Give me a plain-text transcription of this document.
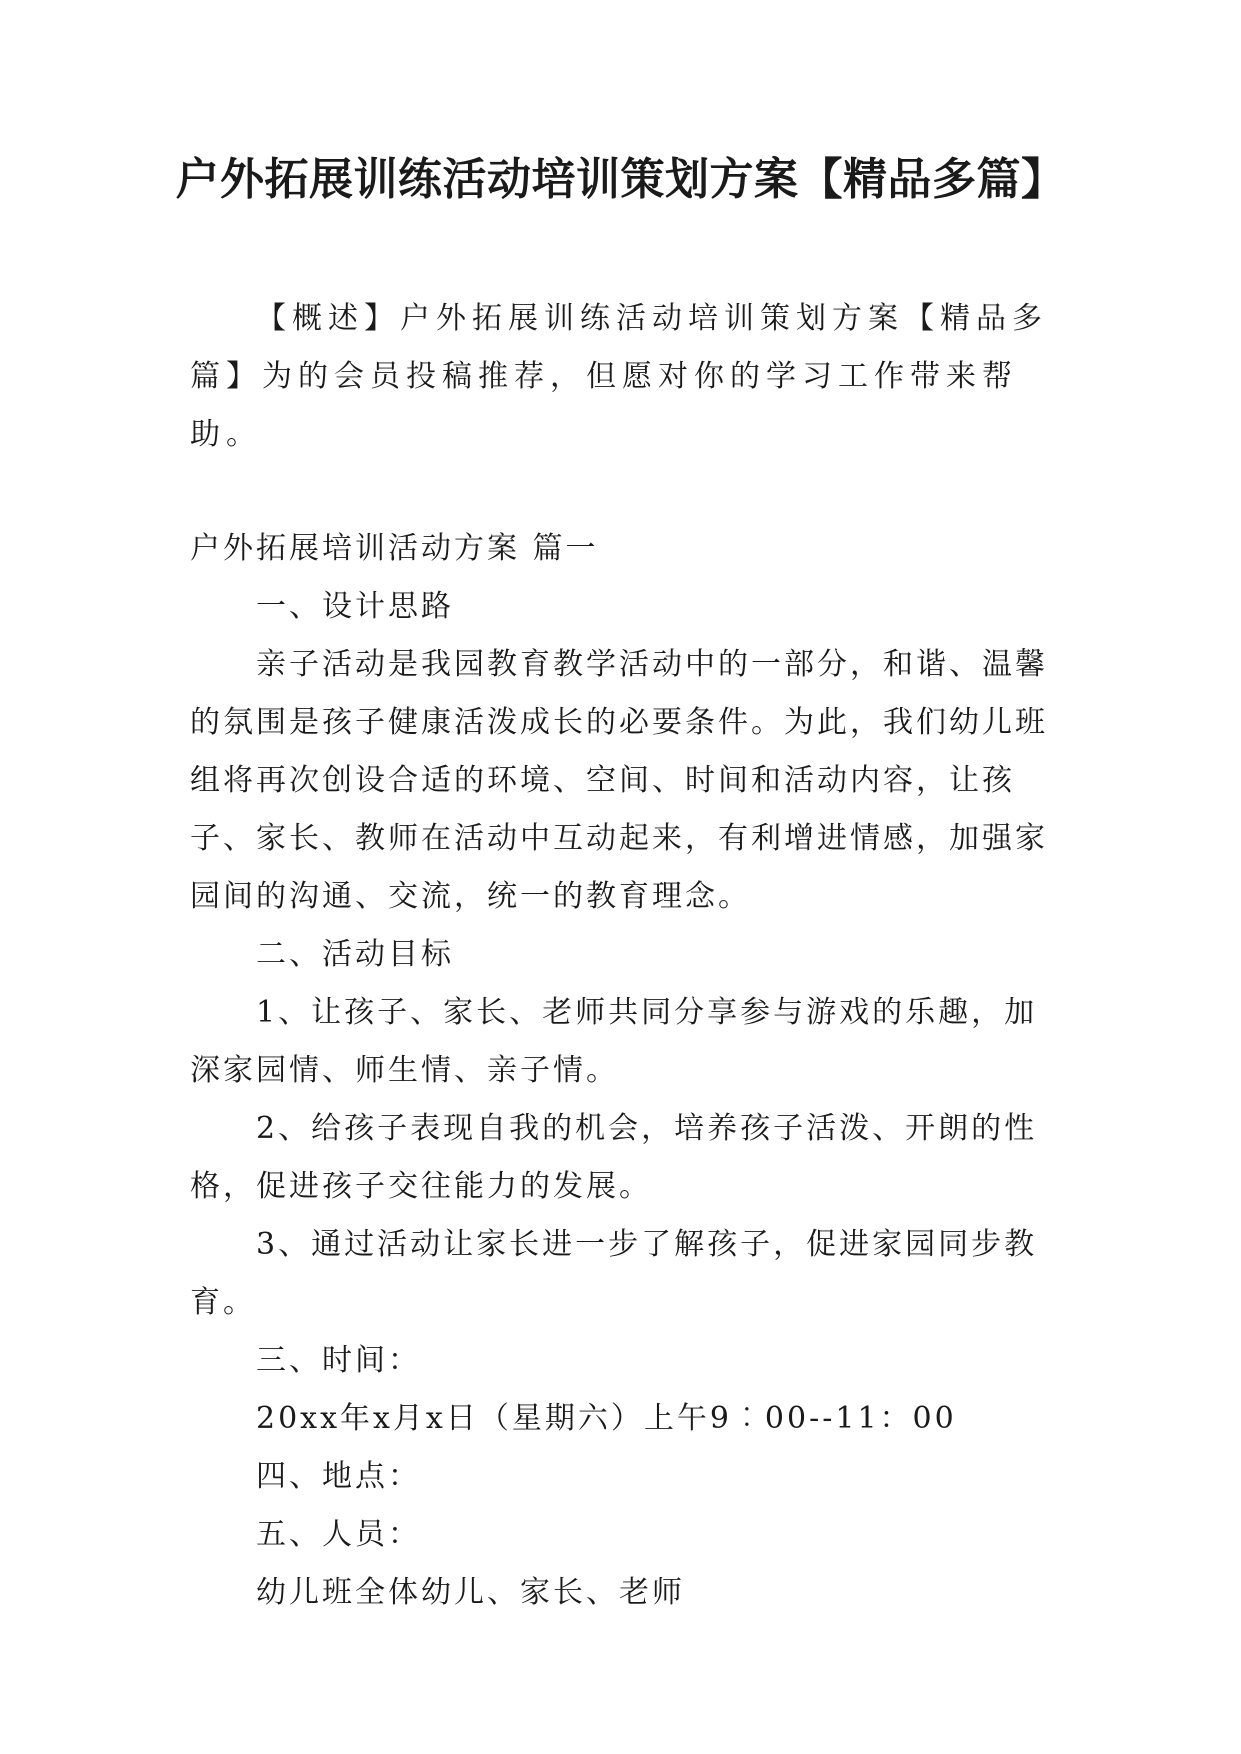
户外拓展训练活动培训策划方案【精品多篇】

【概述】户外拓展训练活动培训策划方案【精品多篇】为的会员投稿推荐，但愿对你的学习工作带来帮助。

户外拓展培训活动方案 篇一

一、设计思路

亲子活动是我园教育教学活动中的一部分，和谐、温馨的氛围是孩子健康活泼成长的必要条件。为此，我们幼儿班组将再次创设合适的环境、空间、时间和活动内容，让孩子、家长、教师在活动中互动起来，有利增进情感，加强家园间的沟通、交流，统一的教育理念。

二、活动目标

1、让孩子、家长、老师共同分享参与游戏的乐趣，加深家园情、师生情、亲子情。

2、给孩子表现自我的机会，培养孩子活泼、开朗的性格，促进孩子交往能力的发展。

3、通过活动让家长进一步了解孩子，促进家园同步教育。

三、时间：

20xx年x月x日（星期六）上午9︰00--11：00

四、地点：

五、人员：

幼儿班全体幼儿、家长、老师
